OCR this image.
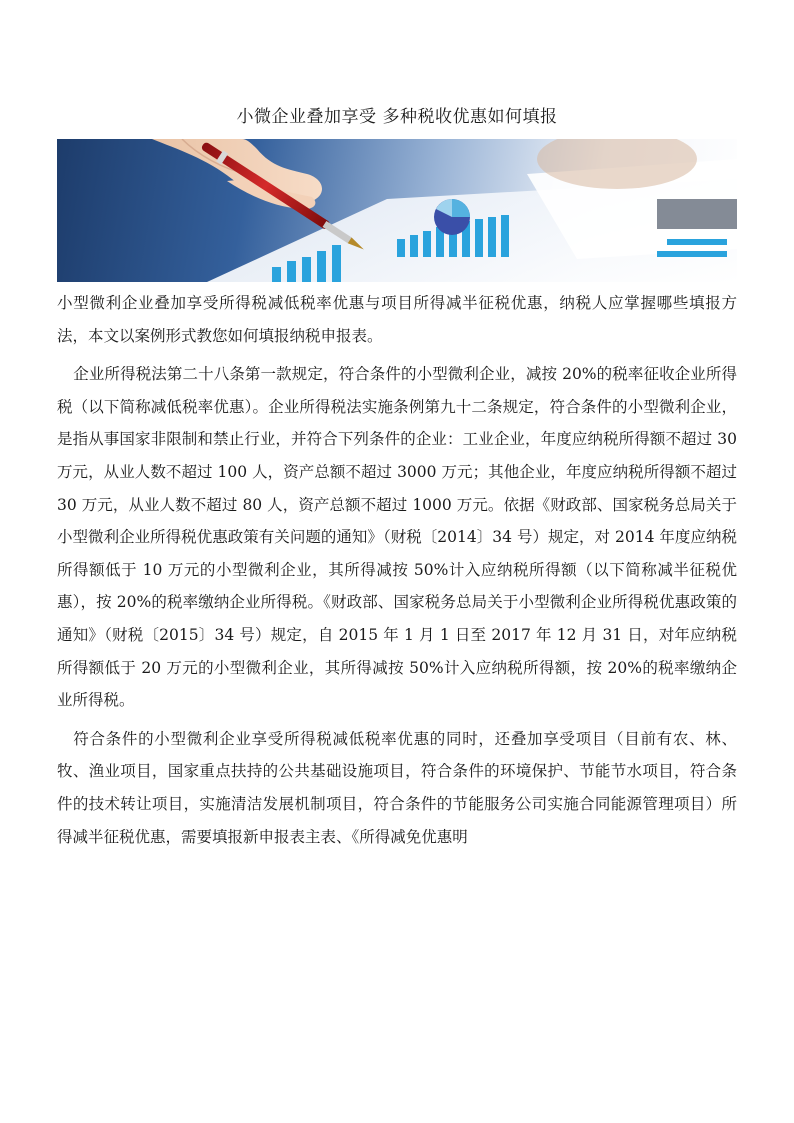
小微企业叠加享受 多种税收优惠如何填报

小型微利企业叠加享受所得税减低税率优惠与项目所得减半征税优惠，纳税人应掌握哪些填报方法，本文以案例形式教您如何填报纳税申报表。

企业所得税法第二十八条第一款规定，符合条件的小型微利企业，减按 20%的税率征收企业所得税（以下简称减低税率优惠）。企业所得税法实施条例第九十二条规定，符合条件的小型微利企业，是指从事国家非限制和禁止行业，并符合下列条件的企业：工业企业，年度应纳税所得额不超过 30 万元，从业人数不超过 100 人，资产总额不超过 3000 万元；其他企业，年度应纳税所得额不超过 30 万元，从业人数不超过 80 人，资产总额不超过 1000 万元。依据《财政部、国家税务总局关于小型微利企业所得税优惠政策有关问题的通知》（财税〔2014〕34 号）规定，对 2014 年度应纳税所得额低于 10 万元的小型微利企业，其所得减按 50%计入应纳税所得额（以下简称减半征税优惠），按 20%的税率缴纳企业所得税。《财政部、国家税务总局关于小型微利企业所得税优惠政策的通知》（财税〔2015〕34 号）规定，自 2015 年 1 月 1 日至 2017 年 12 月 31 日，对年应纳税所得额低于 20 万元的小型微利企业，其所得减按 50%计入应纳税所得额，按 20%的税率缴纳企业所得税。

符合条件的小型微利企业享受所得税减低税率优惠的同时，还叠加享受项目（目前有农、林、牧、渔业项目，国家重点扶持的公共基础设施项目，符合条件的环境保护、节能节水项目，符合条件的技术转让项目，实施清洁发展机制项目，符合条件的节能服务公司实施合同能源管理项目）所得减半征税优惠，需要填报新申报表主表、《所得减免优惠明
